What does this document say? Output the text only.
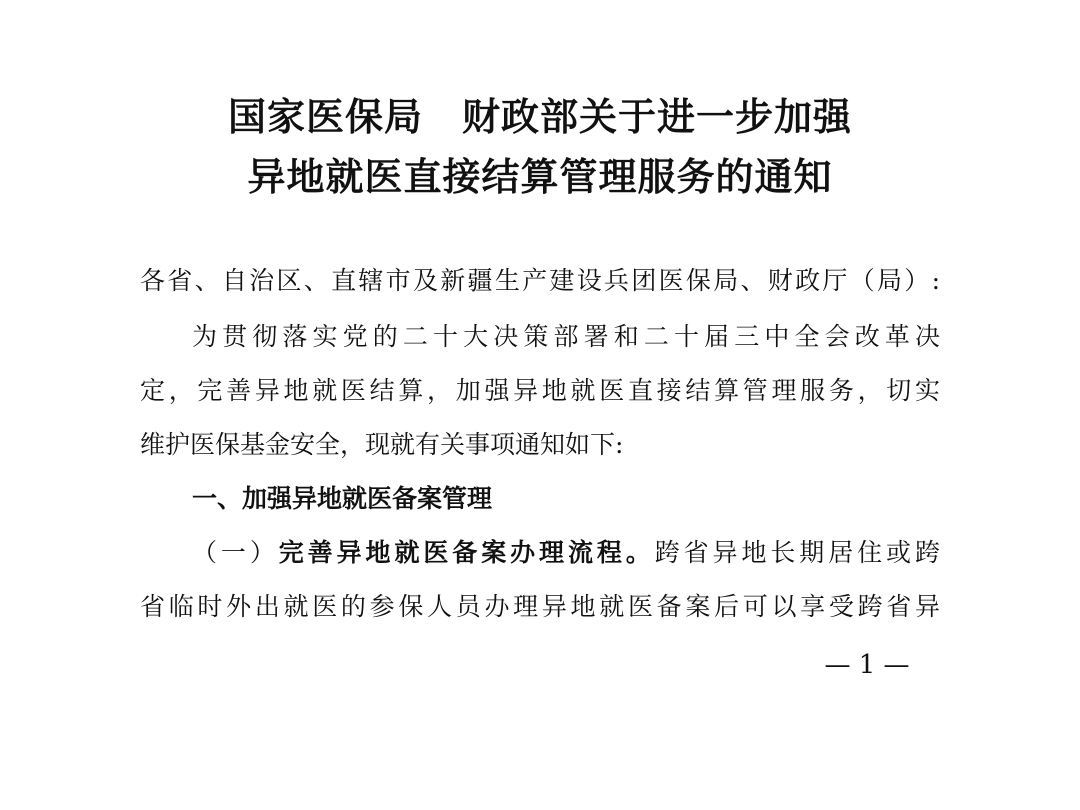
国家医保局　财政部关于进一步加强
异地就医直接结算管理服务的通知
各省、自治区、直辖市及新疆生产建设兵团医保局、财政厅（局）:
为贯彻落实党的二十大决策部署和二十届三中全会改革决
定，完善异地就医结算，加强异地就医直接结算管理服务，切实
维护医保基金安全，现就有关事项通知如下:
一、加强异地就医备案管理
（一）完善异地就医备案办理流程。跨省异地长期居住或跨
省临时外出就医的参保人员办理异地就医备案后可以享受跨省异
— 1 —
